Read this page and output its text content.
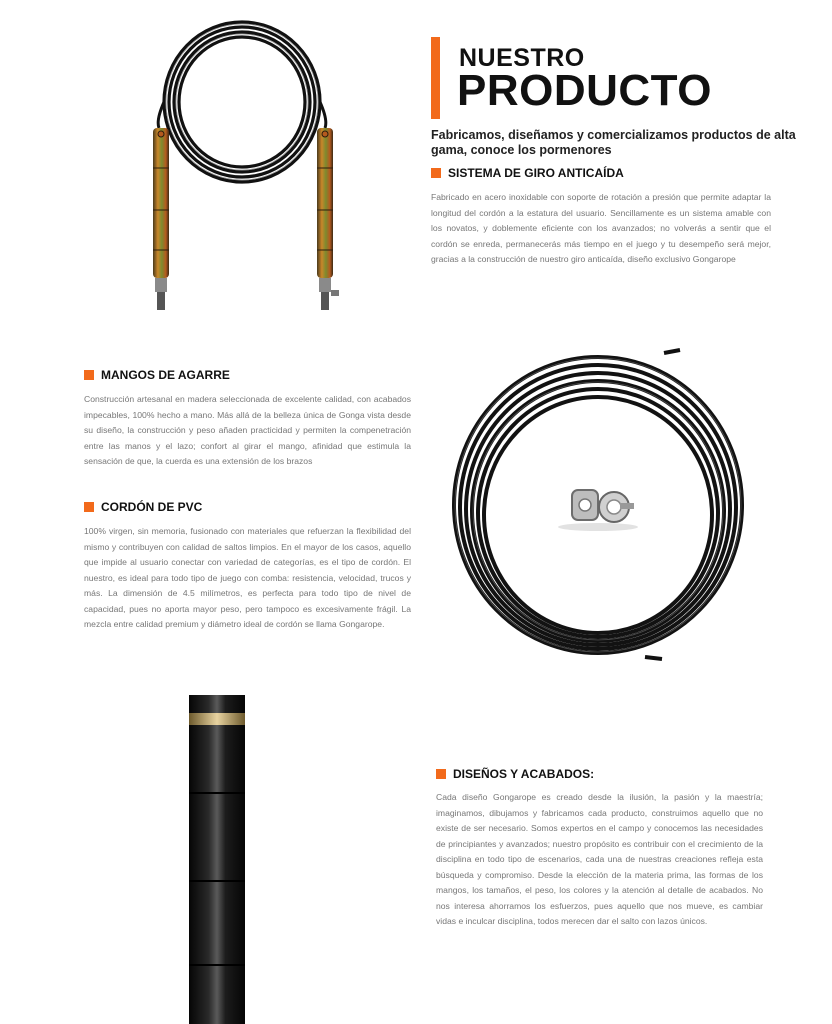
NUESTRO
PRODUCTO
Fabricamos, diseñamos y comercializamos productos de alta gama, conoce los pormenores
SISTEMA DE GIRO ANTICAÍDA
Fabricado en acero inoxidable con soporte de rotación a presión que permite adaptar la longitud del cordón a la estatura del usuario. Sencillamente es un sistema amable con los novatos, y doblemente eficiente con los avanzados; no volverás a sentir que el cordón se enreda, permanecerás más tiempo en el juego y tu desempeño será mejor, gracias a la construcción de nuestro giro anticaída, diseño exclusivo Gongarope
MANGOS DE AGARRE
Construcción artesanal en madera seleccionada de excelente calidad, con acabados impecables, 100% hecho a mano. Más allá de la belleza única de Gonga vista desde su diseño, la construcción y peso añaden practicidad y permiten la compenetración entre las manos y el lazo; confort al girar el mango, afinidad que estimula la sensación de que, la cuerda es una extensión de los brazos
CORDÓN DE PVC
100% virgen, sin memoria, fusionado con materiales que refuerzan la flexibilidad del mismo y contribuyen con calidad de saltos limpios. En el mayor de los casos, aquello que impide al usuario conectar con variedad de categorías, es el tipo de cordón. El nuestro, es ideal para todo tipo de juego con comba: resistencia, velocidad, trucos y más. La dimensión de 4.5 milímetros, es perfecta para todo tipo de nivel de capacidad, pues no aporta mayor peso, pero tampoco es excesivamente frágil. La mezcla entre calidad premium y diámetro ideal de cordón se llama Gongarope.
DISEÑOS Y ACABADOS:
Cada diseño Gongarope es creado desde la ilusión, la pasión y la maestría; imaginamos, dibujamos y fabricamos cada producto, construimos aquello que no existe de ser necesario. Somos expertos en el campo y conocemos las necesidades de principiantes y avanzados; nuestro propósito es contribuir con el crecimiento de la disciplina en todo tipo de escenarios, cada una de nuestras creaciones refleja esta búsqueda y compromiso. Desde la elección de la materia prima, las formas de los mangos, los tamaños, el peso, los colores y la atención al detalle de acabados. No nos interesa ahorramos los esfuerzos, pues aquello que nos mueve, es cambiar vidas e inculcar disciplina, todos merecen dar el salto con lazos únicos.
